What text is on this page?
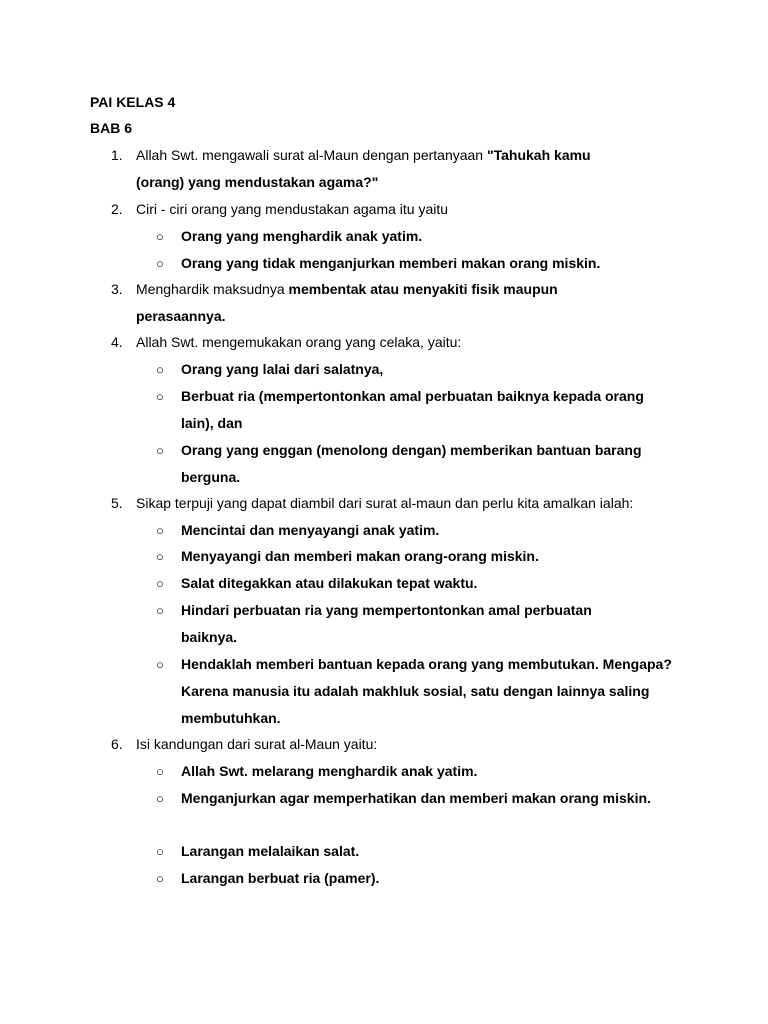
PAI KELAS 4
BAB 6
1. Allah Swt. mengawali surat al-Maun dengan pertanyaan "Tahukah kamu (orang) yang mendustakan agama?"
2. Ciri - ciri orang yang mendustakan agama itu yaitu
○	Orang yang menghardik anak yatim.
○	Orang yang tidak menganjurkan memberi makan orang miskin.
3. Menghardik maksudnya membentak atau menyakiti fisik maupun perasaannya.
4. Allah Swt. mengemukakan orang yang celaka, yaitu:
○	Orang yang lalai dari salatnya,
○	Berbuat ria (mempertontonkan amal perbuatan baiknya kepada orang lain), dan
○	Orang yang enggan (menolong dengan) memberikan bantuan barang berguna.
5. Sikap terpuji yang dapat diambil dari surat al-maun dan perlu kita amalkan ialah:
○	Mencintai dan menyayangi anak yatim.
○	Menyayangi dan memberi makan orang-orang miskin.
○	Salat ditegakkan atau dilakukan tepat waktu.
○	Hindari perbuatan ria yang mempertontonkan amal perbuatan baiknya.
○	Hendaklah memberi bantuan kepada orang yang membutukan. Mengapa? Karena manusia itu adalah makhluk sosial, satu dengan lainnya saling membutuhkan.
6. Isi kandungan dari surat al-Maun yaitu:
○	Allah Swt. melarang menghardik anak yatim.
○	Menganjurkan agar memperhatikan dan memberi makan orang miskin.
○	Larangan melalaikan salat.
○	Larangan berbuat ria (pamer).
